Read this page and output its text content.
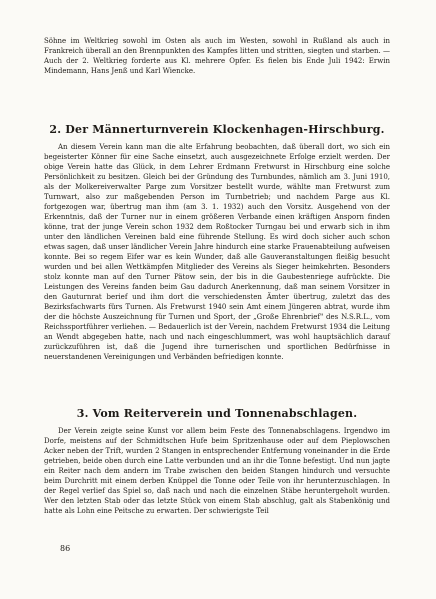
Söhne im Weltkrieg sowohl im Osten als auch im Westen, sowohl in Rußland als auch in Frankreich überall an den Brennpunkten des Kampfes litten und stritten, siegten und starben. — Auch der 2. Weltkrieg forderte aus Kl. mehrere Opfer. Es fielen bis Ende Juli 1942: Erwin Mindemann, Hans Jenß und Karl Wiencke.

2. Der Männerturnverein Klockenhagen-Hirschburg.

An diesem Verein kann man die alte Erfahrung beobachten, daß überall dort, wo sich ein begeisterter Könner für eine Sache einsetzt, auch ausgezeichnete Erfolge erzielt werden. Der obige Verein hatte das Glück, in dem Lehrer Erdmann Fretwurst in Hirschburg eine solche Persönlichkeit zu besitzen. Gleich bei der Gründung des Turnbundes, nämlich am 3. Juni 1910, als der Molkereiverwalter Parge zum Vorsitzer bestellt wurde, wählte man Fretwurst zum Turnwart, also zur maßgebenden Person im Turnbetrieb; und nachdem Parge aus Kl. fortgezogen war, übertrug man ihm (am 3. 1. 1932) auch den Vorsitz. Ausgehend von der Erkenntnis, daß der Turner nur in einem größeren Verbande einen kräftigen Ansporn finden könne, trat der junge Verein schon 1932 dem Roßtocker Turngau bei und erwarb sich in ihm unter den ländlichen Vereinen bald eine führende Stellung. Es wird doch sicher auch schon etwas sagen, daß unser ländlicher Verein Jahre hindurch eine starke Frauenabteilung aufweisen konnte. Bei so regem Eifer war es kein Wunder, daß alle Gauveranstaltungen fleißig besucht wurden und bei allen Wettkämpfen Mitglieder des Vereins als Sieger heimkehrten. Besonders stolz konnte man auf den Turner Pätow sein, der bis in die Gaubestenriege aufrückte. Die Leistungen des Vereins fanden beim Gau dadurch Anerkennung, daß man seinem Vorsitzer in den Gauturnrat berief und ihm dort die verschiedensten Ämter übertrug, zuletzt das des Bezirksfachwarts fürs Turnen. Als Fretwurst 1940 sein Amt einem Jüngeren abtrat, wurde ihm der die höchste Auszeichnung für Turnen und Sport, der „Große Ehrenbrief" des N.S.R.L., vom Reichssportführer verliehen. — Bedauerlich ist der Verein, nachdem Fretwurst 1934 die Leitung an Wendt abgegeben hatte, nach und nach eingeschlummert, was wohl hauptsächlich darauf zurückzuführen ist, daß die Jugend ihre turnerischen und sportlichen Bedürfnisse in neuerstandenen Vereinigungen und Verbänden befriedigen konnte.

3. Vom Reiterverein und Tonnenabschlagen.

Der Verein zeigte seine Kunst vor allem beim Feste des Tonnenabschlagens. Irgendwo im Dorfe, meistens auf der Schmidtschen Hufe beim Spritzenhause oder auf dem Pieplowschen Acker neben der Trift, wurden 2 Stangen in entsprechender Entfernung voneinander in die Erde getrieben, beide oben durch eine Latte verbunden und an ihr die Tonne befestigt. Und nun jagte ein Reiter nach dem andern im Trabe zwischen den beiden Stangen hindurch und versuchte beim Durchritt mit einem derben Knüppel die Tonne oder Teile von ihr herunterzuschlagen. In der Regel verlief das Spiel so, daß nach und nach die einzelnen Stäbe heruntergeholt wurden. Wer den letzten Stab oder das letzte Stück von einem Stab abschlug, galt als Stabenkönig und hatte als Lohn eine Peitsche zu erwarten. Der schwierigste Teil

86
